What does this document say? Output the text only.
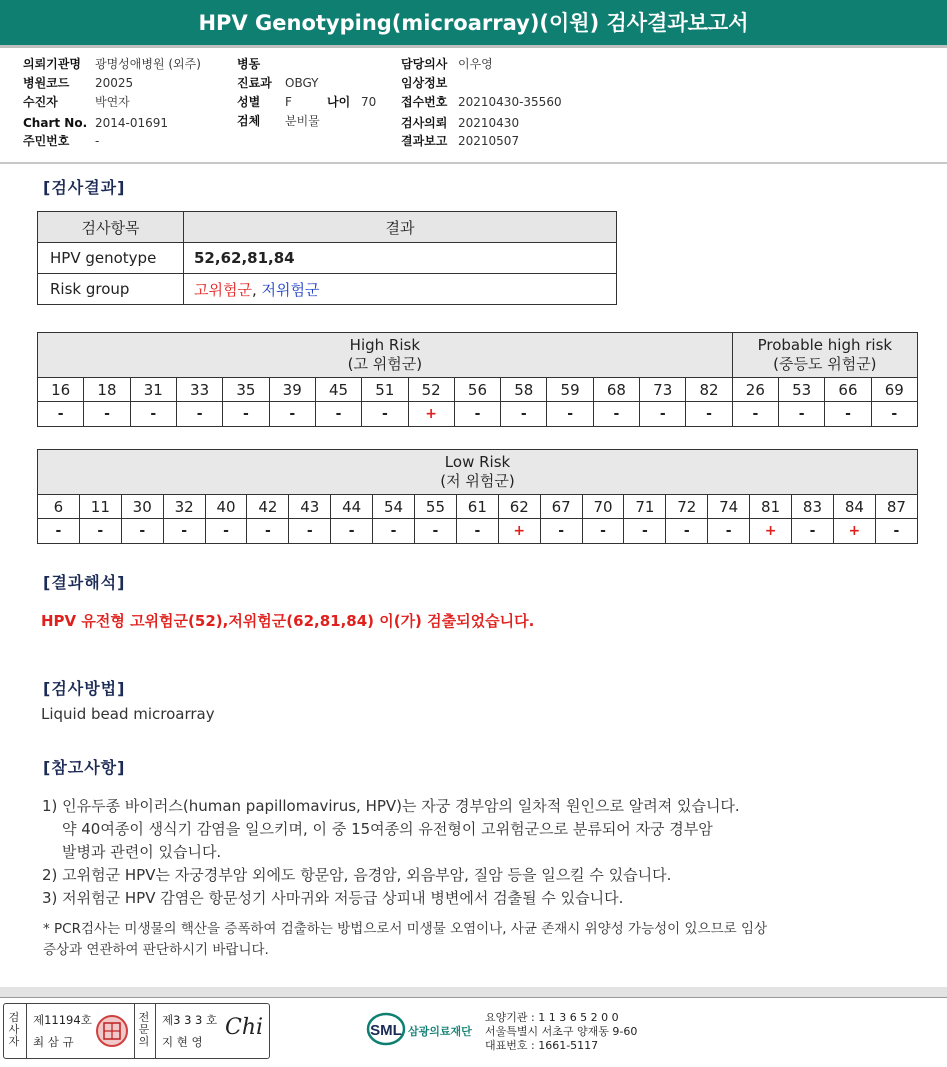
HPV Genotyping(microarray)(이원) 검사결과보고서
의뢰기관명 광명성애병원 (외주)
병원코드 20025
수진자	박연자
Chart No. 2014-01691
주민번호 -
병동
진료과 OBGY
성별 F	나이 70
검체 분비물
담당의사 이우영
임상정보
접수번호 20210430-35560
검사의뢰 20210430
결과보고 20210507
[검사결과]
검사항목	결과
HPV genotype	52,62,81,84
Risk group	고위험군, 저위험군
High Risk
(고 위험군)															Probable high risk
(중등도 위험군)			
16	18	31	33	35	39	45	51	52	56	58	59	68	73	82	26	53	66	69
-	-	-	-	-	-	-	-	+	-	-	-	-	-	-	-	-	-	-
Low Risk
(저 위험군)																				
6	11	30	32	40	42	43	44	54	55	61	62	67	70	71	72	74	81	83	84	87
-	-	-	-	-	-	-	-	-	-	-	+	-	-	-	-	-	+	-	+	-
[결과해석]
HPV 유전형 고위험군(52),저위험군(62,81,84) 이(가) 검출되었습니다.
[검사방법]
Liquid bead microarray
[참고사항]
1) 인유두종 바이러스(human papillomavirus, HPV)는 자궁 경부암의 일차적 원인으로 알려져 있습니다.
약 40여종이 생식기 감염을 일으키며, 이 중 15여종의 유전형이 고위험군으로 분류되어 자궁 경부암
발병과 관련이 있습니다.
2) 고위험군 HPV는 자궁경부암 외에도 항문암, 음경암, 외음부암, 질암 등을 일으킬 수 있습니다.
3) 저위험군 HPV 감염은 항문성기 사마귀와 저등급 상피내 병변에서 검출될 수 있습니다.
* PCR검사는 미생물의 핵산을 증폭하여 검출하는 방법으로서 미생물 오염이나, 사균 존재시 위양성 가능성이 있으므로 임상
증상과 연관하여 판단하시기 바랍니다.
검사자
제11194호
최 삼 규
전문의
제3 3 3 호
지 현 영
Chi	SML 삼광의료재단
요양기관 : 1 1 3 6 5 2 0 0
서울특별시 서초구 양재동 9-60
대표번호 : 1661-5117
